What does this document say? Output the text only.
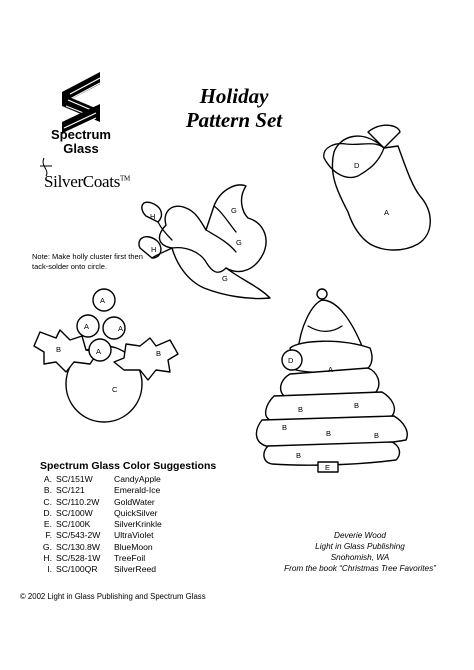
Spectrum
Glass
SilverCoats™
Holiday
Pattern Set
Note: Make holly cluster first then tack-solder onto circle.
H
H
G
G
G
D
A
A
A	A
A
B	B
C
D
A
B	B
B
B	B
B
E
Spectrum Glass Color Suggestions
A. SC/151W	CandyApple
B. SC/121	Emerald-Ice
C. SC/110.2W	GoldWater
D. SC/100W	QuickSilver
E. SC/100K	SilverKrinkle
F. SC/543-2W	UltraViolet
G. SC/130.8W	BlueMoon
H. SC/528-1W	TreeFoil
I. SC/100QR	SilverReed
Deverie Wood
Light in Glass Publishing
Snohomish, WA
From the book “Christmas Tree Favorites”
© 2002 Light in Glass Publishing and Spectrum Glass
